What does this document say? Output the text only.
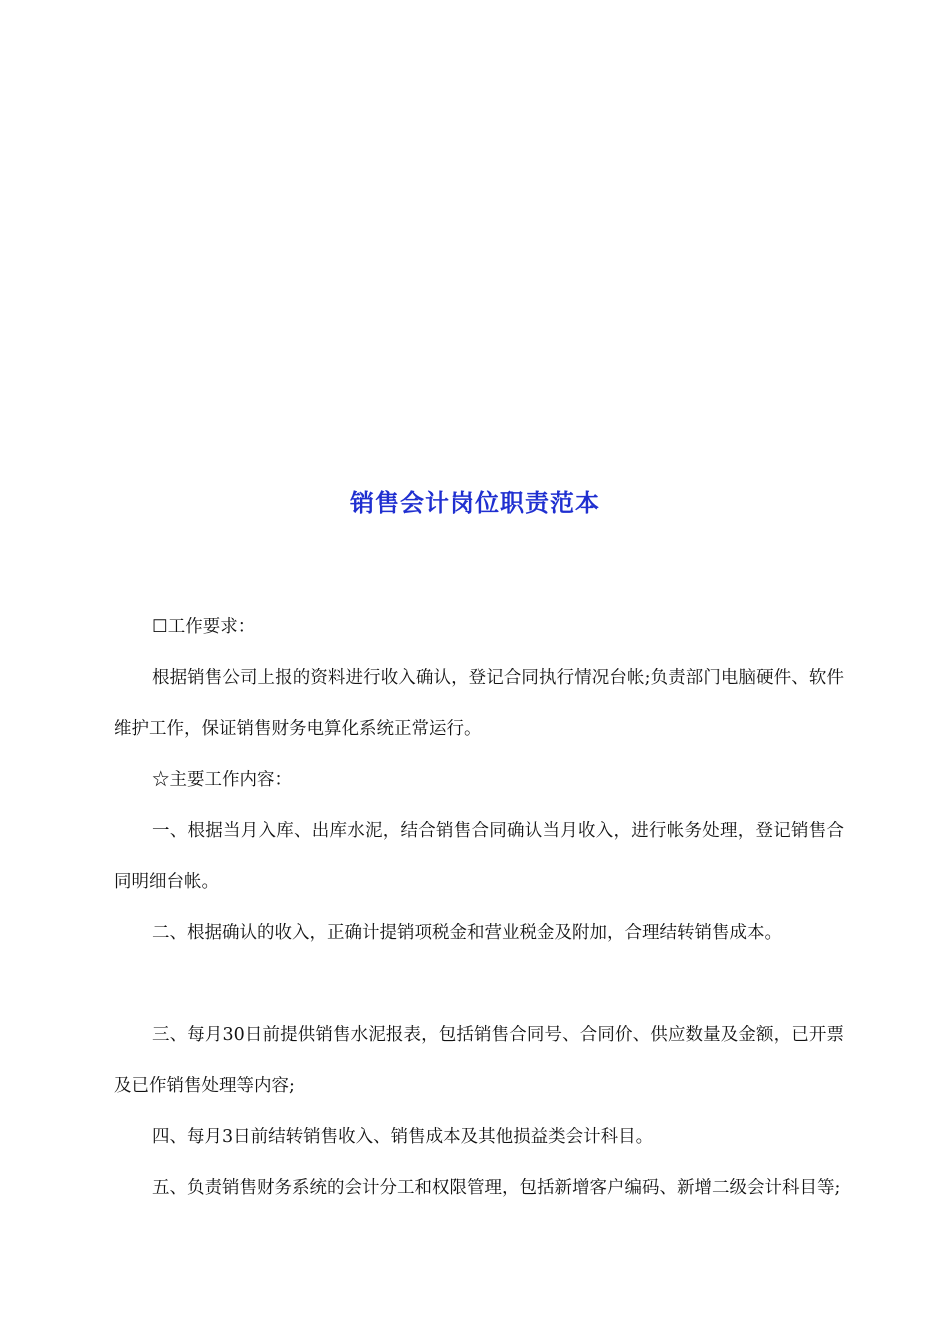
销售会计岗位职责范本

☐工作要求：

根据销售公司上报的资料进行收入确认，登记合同执行情况台帐;负责部门电脑硬件、软件维护工作，保证销售财务电算化系统正常运行。

☆主要工作内容：

一、根据当月入库、出库水泥，结合销售合同确认当月收入，进行帐务处理，登记销售合同明细台帐。

二、根据确认的收入，正确计提销项税金和营业税金及附加，合理结转销售成本。

三、每月30日前提供销售水泥报表，包括销售合同号、合同价、供应数量及金额，已开票及已作销售处理等内容;

四、每月3日前结转销售收入、销售成本及其他损益类会计科目。

五、负责销售财务系统的会计分工和权限管理，包括新增客户编码、新增二级会计科目等;
